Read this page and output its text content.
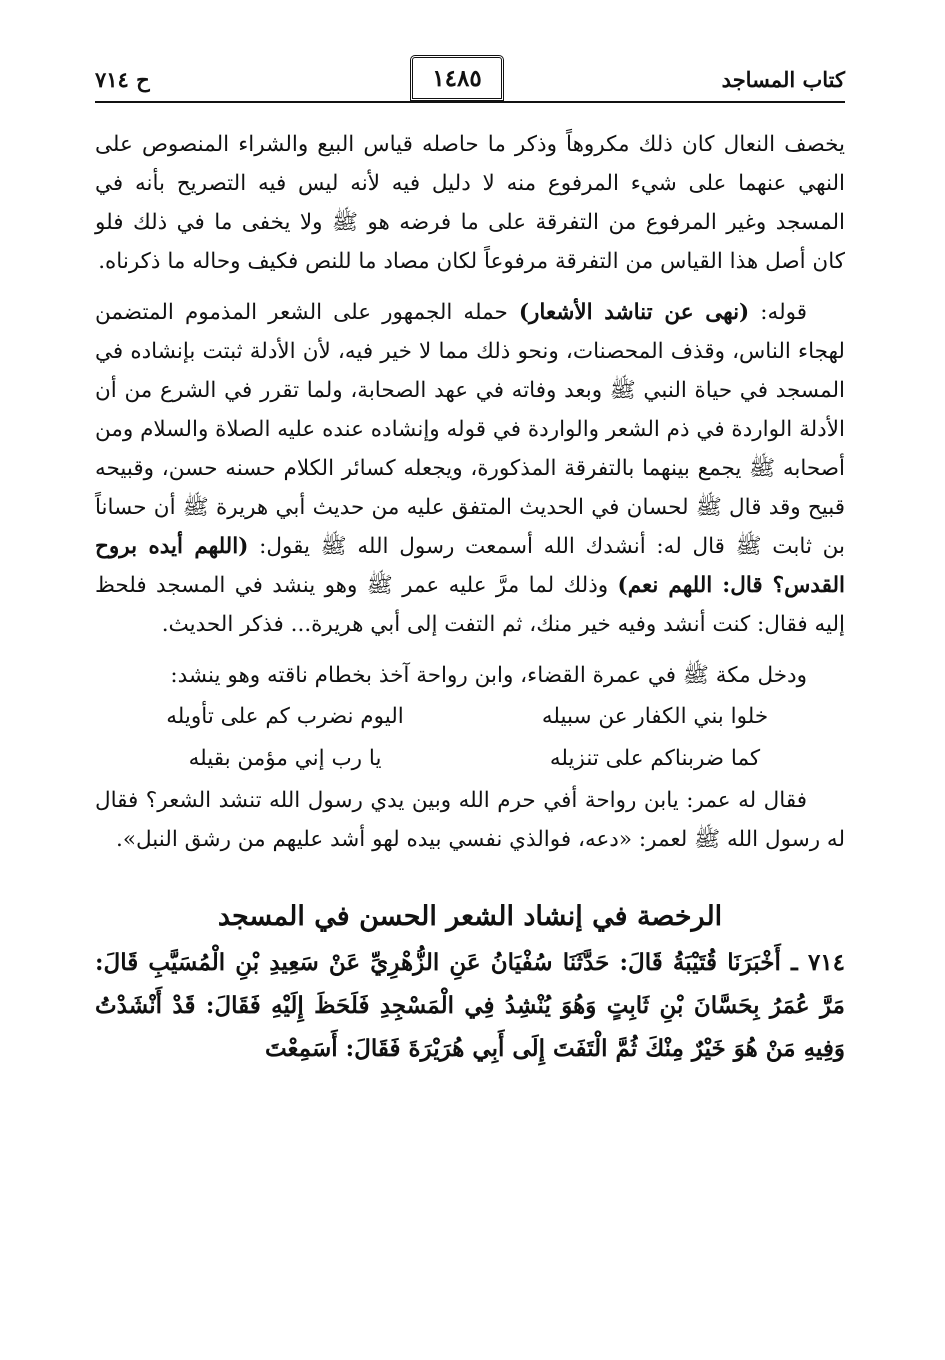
كتاب المساجد
١٤٨٥
ح ٧١٤

يخصف النعال كان ذلك مكروهاً وذكر ما حاصله قياس البيع والشراء المنصوص على النهي عنهما على شيء المرفوع منه لا دليل فيه لأنه ليس فيه التصريح بأنه في المسجد وغير المرفوع من التفرقة على ما فرضه هو ﷺ ولا يخفى ما في ذلك فلو كان أصل هذا القياس من التفرقة مرفوعاً لكان مصاد ما للنص فكيف وحاله ما ذكرناه.

قوله: (نهى عن تناشد الأشعار) حمله الجمهور على الشعر المذموم المتضمن لهجاء الناس، وقذف المحصنات، ونحو ذلك مما لا خير فيه، لأن الأدلة ثبتت بإنشاده في المسجد في حياة النبي ﷺ وبعد وفاته في عهد الصحابة، ولما تقرر في الشرع من أن الأدلة الواردة في ذم الشعر والواردة في قوله وإنشاده عنده عليه الصلاة والسلام ومن أصحابه ﷺ يجمع بينهما بالتفرقة المذكورة، ويجعله كسائر الكلام حسنه حسن، وقبيحه قبيح وقد قال ﷺ لحسان في الحديث المتفق عليه من حديث أبي هريرة ﷺ أن حساناً بن ثابت ﷺ قال له: أنشدك الله أسمعت رسول الله ﷺ يقول: (اللهم أيده بروح القدس؟ قال: اللهم نعم) وذلك لما مرَّ عليه عمر ﷺ وهو ينشد في المسجد فلحظ إليه فقال: كنت أنشد وفيه خير منك، ثم التفت إلى أبي هريرة... فذكر الحديث.

ودخل مكة ﷺ في عمرة القضاء، وابن رواحة آخذ بخطام ناقته وهو ينشد:

خلوا بني الكفار عن سبيله
اليوم نضرب كم على تأويله
كما ضربناكم على تنزيله
يا رب إني مؤمن بقيله

فقال له عمر: يابن رواحة أفي حرم الله وبين يدي رسول الله تنشد الشعر؟ فقال له رسول الله ﷺ لعمر: «دعه، فوالذي نفسي بيده لهو أشد عليهم من رشق النبل».

الرخصة في إنشاد الشعر الحسن في المسجد

٧١٤ ـ أَخْبَرَنَا قُتَيْبَةُ قَالَ: حَدَّثَنَا سُفْيَانُ عَنِ الزُّهْرِيِّ عَنْ سَعِيدِ بْنِ الْمُسَيَّبِ قَالَ: مَرَّ عُمَرُ بِحَسَّانَ بْنِ ثَابِتٍ وَهُوَ يُنْشِدُ فِي الْمَسْجِدِ فَلَحَظَ إِلَيْهِ فَقَالَ: قَدْ أَنْشَدْتُ وَفِيهِ مَنْ هُوَ خَيْرٌ مِنْكَ ثُمَّ الْتَفَتَ إِلَى أَبِي هُرَيْرَةَ فَقَالَ: أَسَمِعْتَ
